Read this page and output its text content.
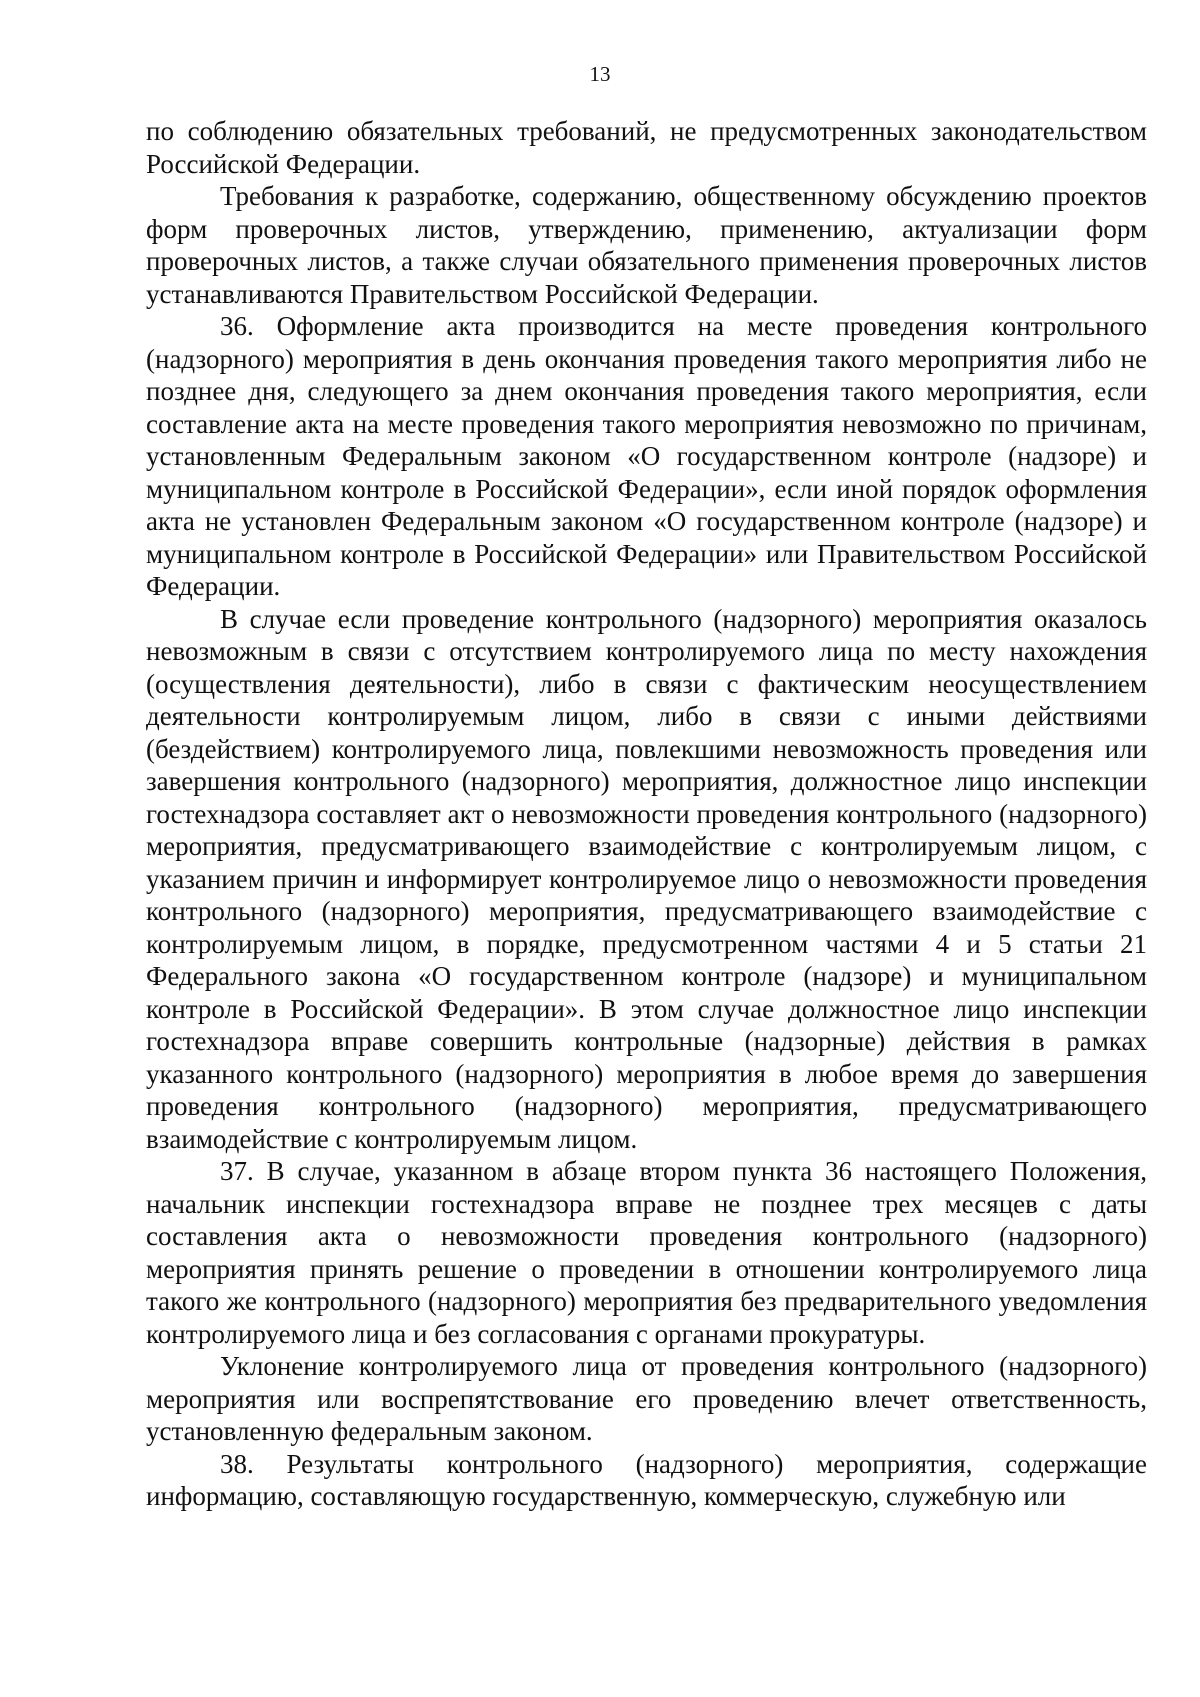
13

по соблюдению обязательных требований, не предусмотренных законодательством Российской Федерации.

Требования к разработке, содержанию, общественному обсуждению проектов форм проверочных листов, утверждению, применению, актуализации форм проверочных листов, а также случаи обязательного применения проверочных листов устанавливаются Правительством Российской Федерации.

36. Оформление акта производится на месте проведения контрольного (надзорного) мероприятия в день окончания проведения такого мероприятия либо не позднее дня, следующего за днем окончания проведения такого мероприятия, если составление акта на месте проведения такого мероприятия невозможно по причинам, установленным Федеральным законом «О государственном контроле (надзоре) и муниципальном контроле в Российской Федерации», если иной порядок оформления акта не установлен Федеральным законом «О государственном контроле (надзоре) и муниципальном контроле в Российской Федерации» или Правительством Российской Федерации.

В случае если проведение контрольного (надзорного) мероприятия оказалось невозможным в связи с отсутствием контролируемого лица по месту нахождения (осуществления деятельности), либо в связи с фактическим неосуществлением деятельности контролируемым лицом, либо в связи с иными действиями (бездействием) контролируемого лица, повлекшими невозможность проведения или завершения контрольного (надзорного) мероприятия, должностное лицо инспекции гостехнадзора составляет акт о невозможности проведения контрольного (надзорного) мероприятия, предусматривающего взаимодействие с контролируемым лицом, с указанием причин и информирует контролируемое лицо о невозможности проведения контрольного (надзорного) мероприятия, предусматривающего взаимодействие с контролируемым лицом, в порядке, предусмотренном частями 4 и 5 статьи 21 Федерального закона «О государственном контроле (надзоре) и муниципальном контроле в Российской Федерации». В этом случае должностное лицо инспекции гостехнадзора вправе совершить контрольные (надзорные) действия в рамках указанного контрольного (надзорного) мероприятия в любое время до завершения проведения контрольного (надзорного) мероприятия, предусматривающего взаимодействие с контролируемым лицом.

37. В случае, указанном в абзаце втором пункта 36 настоящего Положения, начальник инспекции гостехнадзора вправе не позднее трех месяцев с даты составления акта о невозможности проведения контрольного (надзорного) мероприятия принять решение о проведении в отношении контролируемого лица такого же контрольного (надзорного) мероприятия без предварительного уведомления контролируемого лица и без согласования с органами прокуратуры.

Уклонение контролируемого лица от проведения контрольного (надзорного) мероприятия или воспрепятствование его проведению влечет ответственность, установленную федеральным законом.

38. Результаты контрольного (надзорного) мероприятия, содержащие информацию, составляющую государственную, коммерческую, служебную или
